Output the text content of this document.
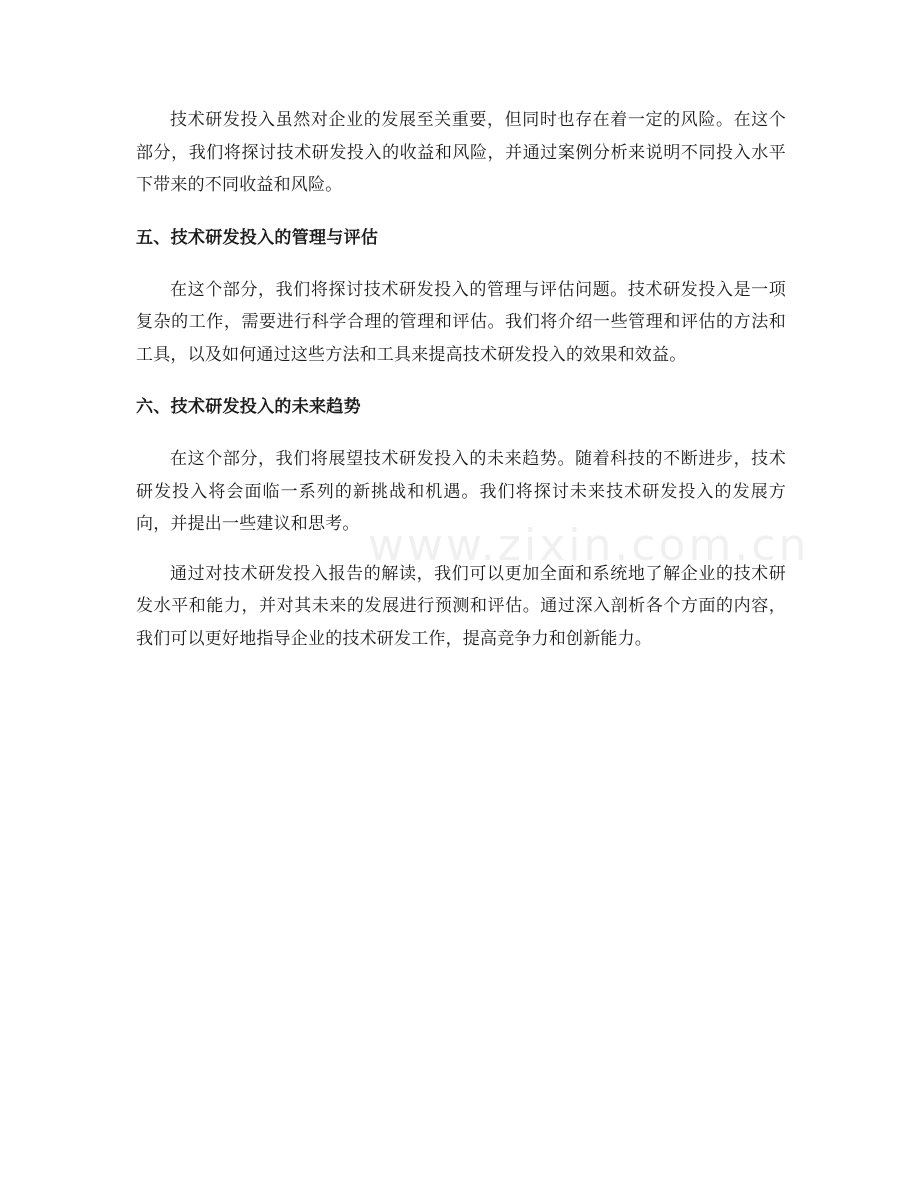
技术研发投入虽然对企业的发展至关重要，但同时也存在着一定的风险。在这个部分，我们将探讨技术研发投入的收益和风险，并通过案例分析来说明不同投入水平下带来的不同收益和风险。

五、技术研发投入的管理与评估

在这个部分，我们将探讨技术研发投入的管理与评估问题。技术研发投入是一项复杂的工作，需要进行科学合理的管理和评估。我们将介绍一些管理和评估的方法和工具，以及如何通过这些方法和工具来提高技术研发投入的效果和效益。

六、技术研发投入的未来趋势

在这个部分，我们将展望技术研发投入的未来趋势。随着科技的不断进步，技术研发投入将会面临一系列的新挑战和机遇。我们将探讨未来技术研发投入的发展方向，并提出一些建议和思考。

通过对技术研发投入报告的解读，我们可以更加全面和系统地了解企业的技术研发水平和能力，并对其未来的发展进行预测和评估。通过深入剖析各个方面的内容，我们可以更好地指导企业的技术研发工作，提高竞争力和创新能力。

www.zixin.com.cn
